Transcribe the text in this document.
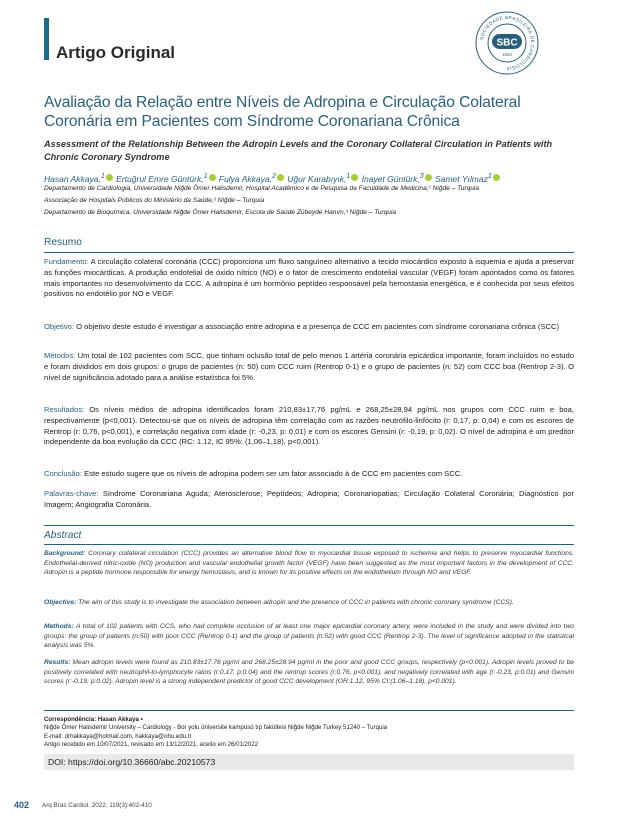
Artigo Original
SOCIEDADE BRASILEIRA DE CARDIOLOGIA
SBC
1943
Avaliação da Relação entre Níveis de Adropina e Circulação Colateral Coronária em Pacientes com Síndrome Coronariana Crônica
Assessment of the Relationship Between the Adropin Levels and the Coronary Collateral Circulation in Patients with Chronic Coronary Syndrome
Hasan Akkaya,$^1$ Ertuğrul Emre Güntürk,$^1$ Fulya Akkaya,$^2$ Uğur Karabıyık,$^1$ İnayet Güntürk,$^3$ Samet Yılmaz$^1$
Departamento de Cardiologia, Universidade Niğde Ömer Halisdemir, Hospital Acadêmico e de Pesquisa da Faculdade de Medicina,¹ Niğde – Turquia
Associação de Hospitais Públicos do Ministério da Saúde,² Niğde – Turquia
Departamento de Bioquímica, Universidade Niğde Ömer Halisdemir, Escola de Saúde Zübeyde Hanım,³ Niğde – Turquia
Resumo
Fundamento: A circulação colateral coronária (CCC) proporciona um fluxo sanguíneo alternativo a tecido miocárdico exposto à isquemia e ajuda a preservar as funções miocárdicas. A produção endotelial de óxido nítrico (NO) e o fator de crescimento endotelial vascular (VEGF) foram apontados como os fatores mais importantes no desenvolvimento da CCC. A adropina é um hormônio peptídeo responsável pela hemostasia energética, e é conhecida por seus efeitos positivos no endotélio por NO e VEGF.
Objetivo: O objetivo deste estudo é investigar a associação entre adropina e a presença de CCC em pacientes com síndrome coronariana crônica (SCC)
Métodos: Um total de 102 pacientes com SCC, que tinham oclusão total de pelo menos 1 artéria coronária epicárdica importante, foram incluídos no estudo e foram divididos em dois grupos: o grupo de pacientes (n: 50) com CCC ruim (Rentrop 0-1) e o grupo de pacientes (n: 52) com CCC boa (Rentrop 2-3). O nível de significância adotado para a análise estatística foi 5%.
Resultados: Os níveis médios de adropina identificados foram 210,83±17,76 pg/mL e 268,25±28,94 pg/mL nos grupos com CCC ruim e boa, respectivamente (p<0,001). Detectou-se que os níveis de adropina têm correlação com as razões neutrófilo-linfócito (r: 0,17, p: 0,04) e com os escores de Rentrop (r: 0,76, p<0,001), e correlação negativa com idade (r: -0,23, p: 0,01) e com os escores Gensini (r: -0,19, p: 0,02). O nível de adropina é um preditor independente da boa evolução da CCC (RC: 1.12, IC 95%: (1,06–1,18), p<0,001).
Conclusão: Este estudo sugere que os níveis de adropina podem ser um fator associado à de CCC em pacientes com SCC.
Palavras-chave: Síndrome Coronariana Aguda; Aterosclerose; Peptídeos; Adropina; Coronariopatias; Circulação Colateral Coronária; Diagnóstico por Imagem; Angiografia Coronária.
Abstract
Background: Coronary collateral circulation (CCC) provides an alternative blood flow to myocardial tissue exposed to ischemia and helps to preserve myocardial functions. Endothelial-derived nitric-oxide (NO) production and vascular endothelial growth factor (VEGF) have been suggested as the most important factors in the development of CCC. Adropin is a peptide hormone responsible for energy hemostasis, and is known for its positive effects on the endothelium through NO and VEGF.
Objective: The aim of this study is to investigate the association between adropin and the presence of CCC in patients with chronic coronary syndrome (CCS).
Methods: A total of 102 patients with CCS, who had complete occlusion of at least one major epicardial coronary artery, were included in the study and were divided into two groups: the group of patients (n:50) with poor CCC (Rentrop 0-1) and the group of patients (n:52) with good CCC (Rentrop 2-3). The level of significance adopted in the statistical analysis was 5%.
Results: Mean adropin levels were found as 210.83±17.76 pg/ml and 268.25±28.94 pg/ml in the poor and good CCC groups, respectively (p<0.001). Adropin levels proved to be positively correlated with neutrophil-to-lymphocyte ratios (r:0.17, p:0.04) and the rentrop scores (r:0.76, p<0.001), and negatively correlated with age (r:-0.23, p:0.01) and Gensini scores (r:-0.19, p:0.02). Adropin level is a strong independent predictor of good CCC development (OR:1.12, 95% CI:(1.06–1.18), p<0.001).
Correspondência: Hasan Akkaya •
Niğde Ömer Halisdemir University – Cardiology - Bor yolu üniversite kampüsü tıp fakültesi Niğde Niğde Turkey 51240 – Turquia
E-mail: drhakkaya@hotmail.com, hakkaya@ohu.edu.tr
Artigo recebido em 10/07/2021, revisado em 13/12/2021, aceito em 26/01/2022
DOI: https://doi.org/10.36660/abc.20210573
402 Arq Bras Cardiol. 2022; 119(3):402-410
